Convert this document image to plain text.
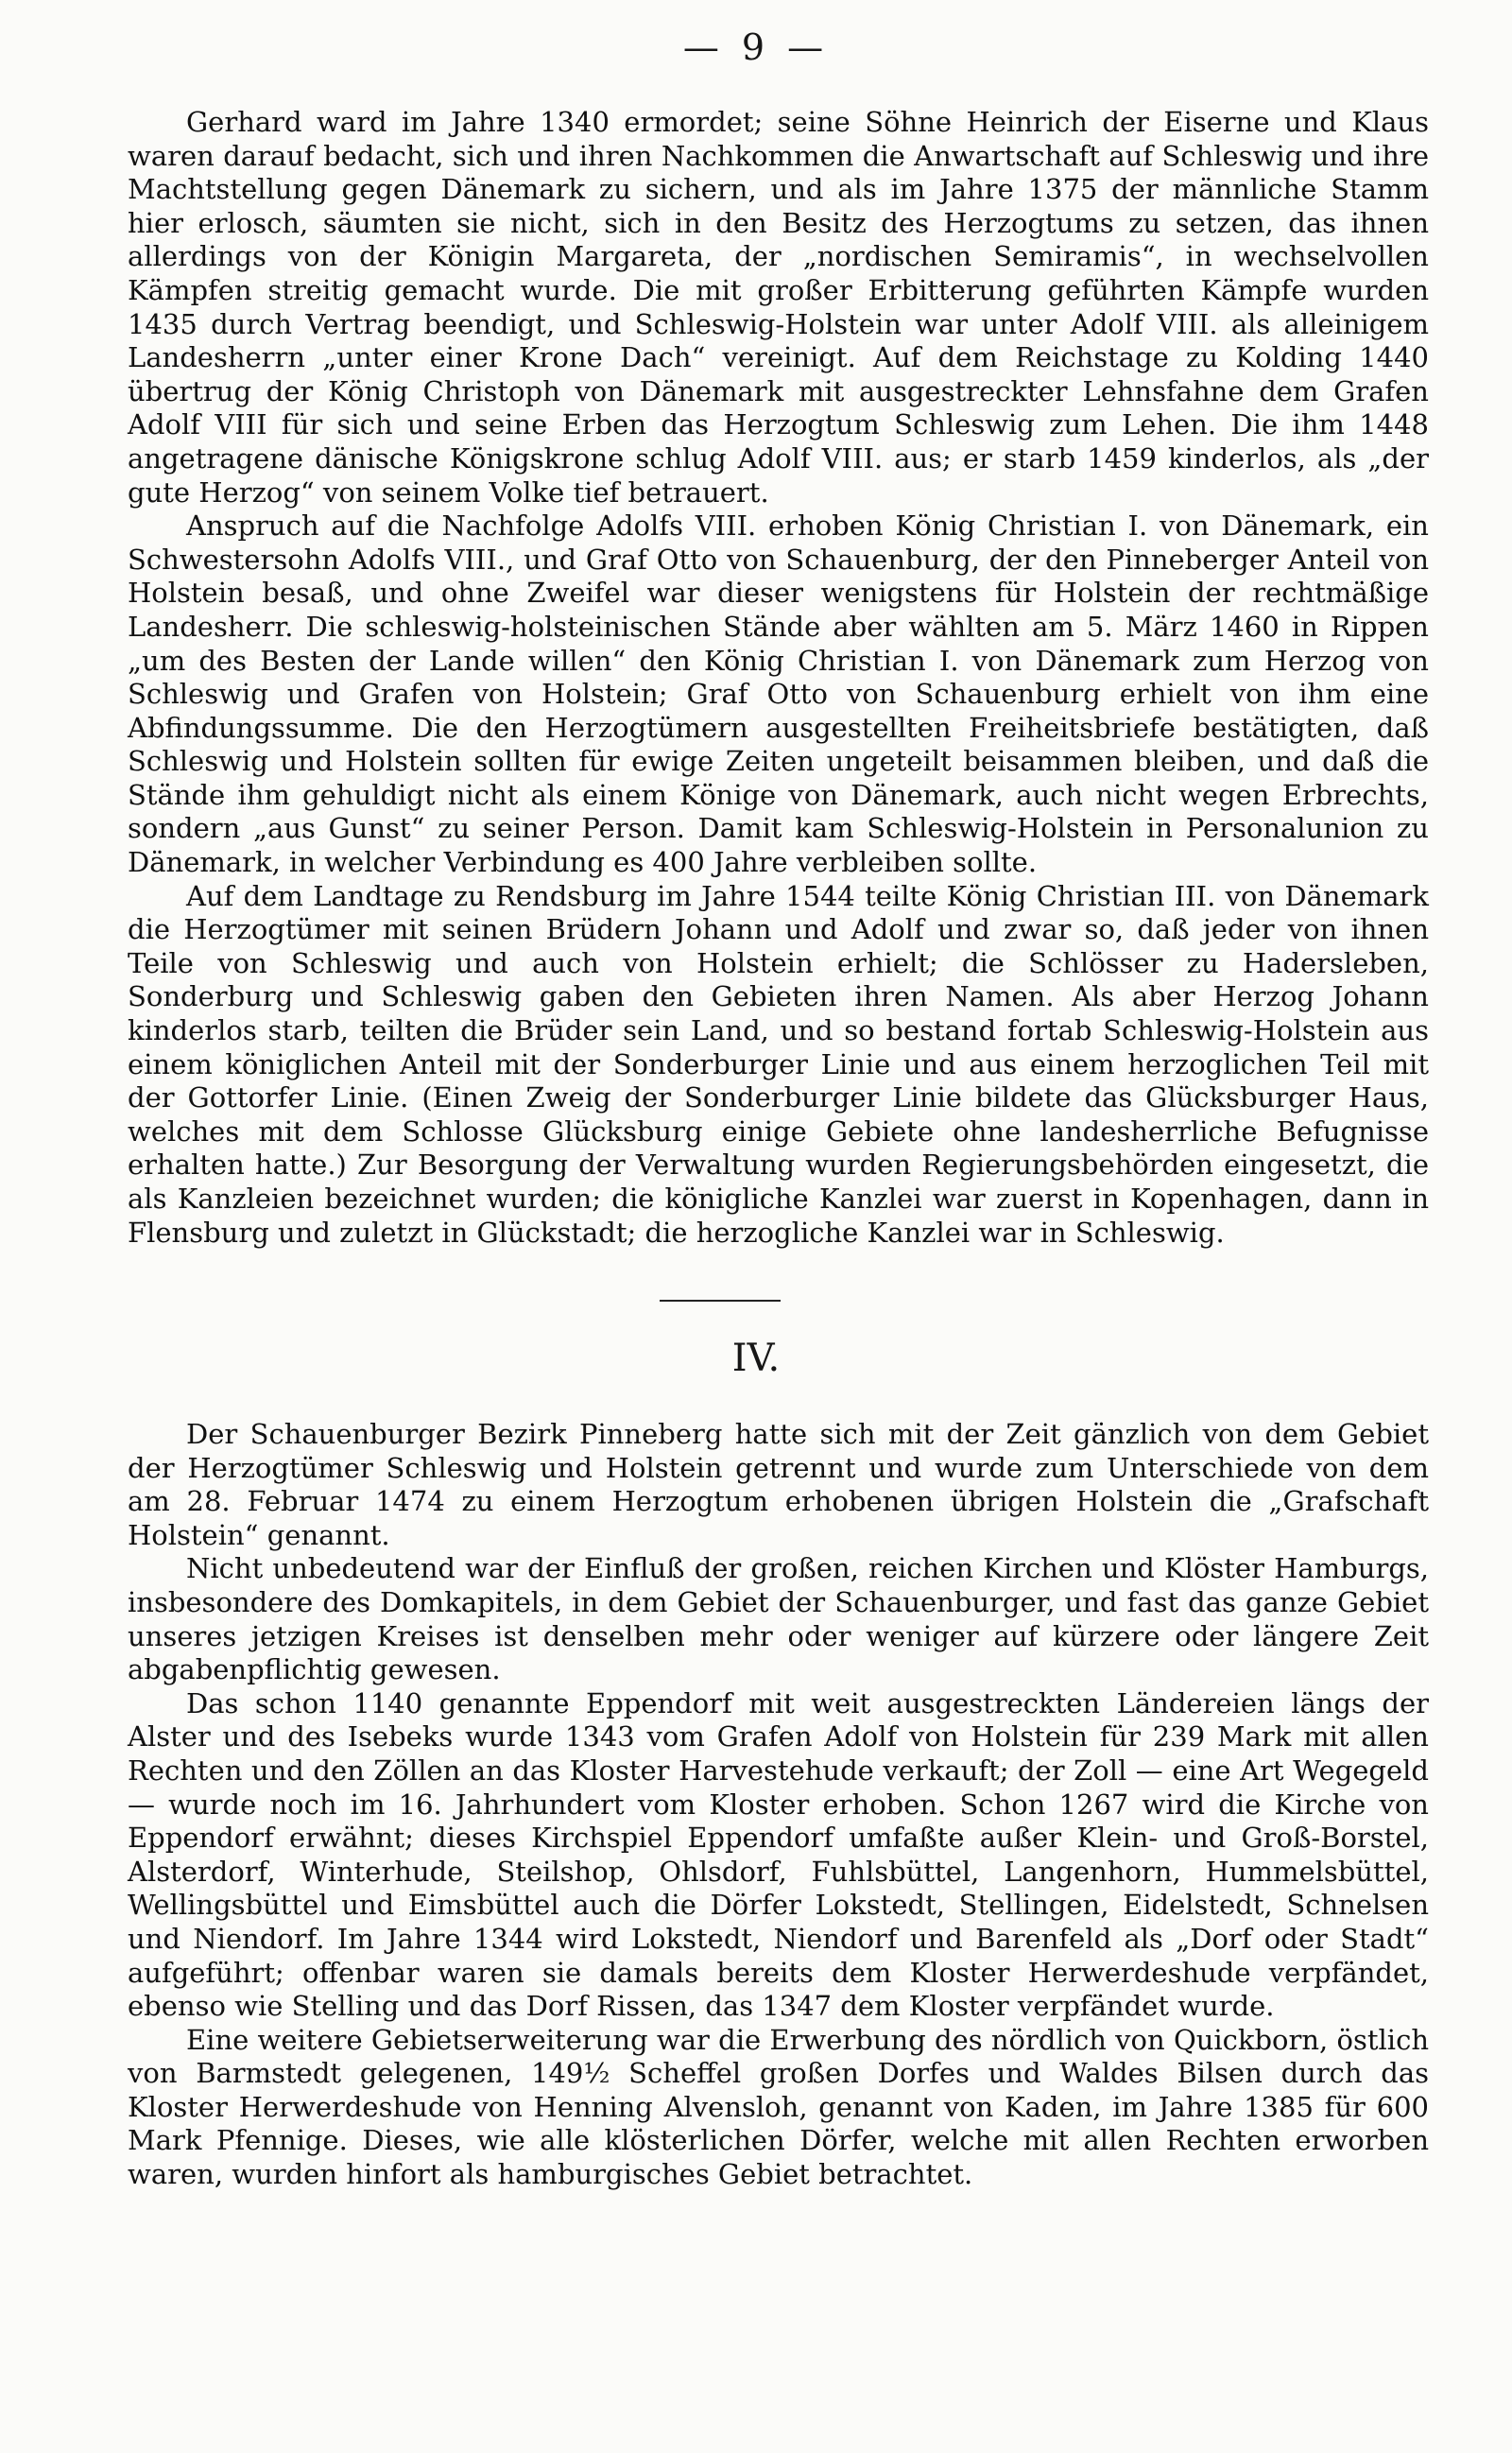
— 9 —

Gerhard ward im Jahre 1340 ermordet; seine Söhne Heinrich der Eiserne und Klaus waren darauf bedacht, sich und ihren Nachkommen die Anwartschaft auf Schleswig und ihre Machtstellung gegen Dänemark zu sichern, und als im Jahre 1375 der männliche Stamm hier erlosch, säumten sie nicht, sich in den Besitz des Herzogtums zu setzen, das ihnen allerdings von der Königin Margareta, der „nordischen Semiramis“, in wechselvollen Kämpfen streitig gemacht wurde. Die mit großer Erbitterung geführten Kämpfe wurden 1435 durch Vertrag beendigt, und Schleswig-Holstein war unter Adolf VIII. als alleinigem Landesherrn „unter einer Krone Dach“ vereinigt. Auf dem Reichstage zu Kolding 1440 übertrug der König Christoph von Dänemark mit ausgestreckter Lehnsfahne dem Grafen Adolf VIII für sich und seine Erben das Herzogtum Schleswig zum Lehen. Die ihm 1448 angetragene dänische Königskrone schlug Adolf VIII. aus; er starb 1459 kinderlos, als „der gute Herzog“ von seinem Volke tief betrauert.

Anspruch auf die Nachfolge Adolfs VIII. erhoben König Christian I. von Dänemark, ein Schwestersohn Adolfs VIII., und Graf Otto von Schauenburg, der den Pinneberger Anteil von Holstein besaß, und ohne Zweifel war dieser wenigstens für Holstein der rechtmäßige Landesherr. Die schleswig-holsteinischen Stände aber wählten am 5. März 1460 in Rippen „um des Besten der Lande willen“ den König Christian I. von Dänemark zum Herzog von Schleswig und Grafen von Holstein; Graf Otto von Schauenburg erhielt von ihm eine Abfindungssumme. Die den Herzogtümern ausgestellten Freiheitsbriefe bestätigten, daß Schleswig und Holstein sollten für ewige Zeiten ungeteilt beisammen bleiben, und daß die Stände ihm gehuldigt nicht als einem Könige von Dänemark, auch nicht wegen Erbrechts, sondern „aus Gunst“ zu seiner Person. Damit kam Schleswig-Holstein in Personalunion zu Dänemark, in welcher Verbindung es 400 Jahre verbleiben sollte.

Auf dem Landtage zu Rendsburg im Jahre 1544 teilte König Christian III. von Dänemark die Herzogtümer mit seinen Brüdern Johann und Adolf und zwar so, daß jeder von ihnen Teile von Schleswig und auch von Holstein erhielt; die Schlösser zu Hadersleben, Sonderburg und Schleswig gaben den Gebieten ihren Namen. Als aber Herzog Johann kinderlos starb, teilten die Brüder sein Land, und so bestand fortab Schleswig-Holstein aus einem königlichen Anteil mit der Sonderburger Linie und aus einem herzoglichen Teil mit der Gottorfer Linie. (Einen Zweig der Sonderburger Linie bildete das Glücksburger Haus, welches mit dem Schlosse Glücksburg einige Gebiete ohne landesherrliche Befugnisse erhalten hatte.) Zur Besorgung der Verwaltung wurden Regierungsbehörden eingesetzt, die als Kanzleien bezeichnet wurden; die königliche Kanzlei war zuerst in Kopenhagen, dann in Flensburg und zuletzt in Glückstadt; die herzogliche Kanzlei war in Schleswig.

IV.

Der Schauenburger Bezirk Pinneberg hatte sich mit der Zeit gänzlich von dem Gebiet der Herzogtümer Schleswig und Holstein getrennt und wurde zum Unterschiede von dem am 28. Februar 1474 zu einem Herzogtum erhobenen übrigen Holstein die „Grafschaft Holstein“ genannt.

Nicht unbedeutend war der Einfluß der großen, reichen Kirchen und Klöster Hamburgs, insbesondere des Domkapitels, in dem Gebiet der Schauenburger, und fast das ganze Gebiet unseres jetzigen Kreises ist denselben mehr oder weniger auf kürzere oder längere Zeit abgabenpflichtig gewesen.

Das schon 1140 genannte Eppendorf mit weit ausgestreckten Ländereien längs der Alster und des Isebeks wurde 1343 vom Grafen Adolf von Holstein für 239 Mark mit allen Rechten und den Zöllen an das Kloster Harvestehude verkauft; der Zoll — eine Art Wegegeld — wurde noch im 16. Jahrhundert vom Kloster erhoben. Schon 1267 wird die Kirche von Eppendorf erwähnt; dieses Kirchspiel Eppendorf umfaßte außer Klein- und Groß-Borstel, Alsterdorf, Winterhude, Steilshop, Ohlsdorf, Fuhlsbüttel, Langenhorn, Hummelsbüttel, Wellingsbüttel und Eimsbüttel auch die Dörfer Lokstedt, Stellingen, Eidelstedt, Schnelsen und Niendorf. Im Jahre 1344 wird Lokstedt, Niendorf und Barenfeld als „Dorf oder Stadt“ aufgeführt; offenbar waren sie damals bereits dem Kloster Herwerdeshude verpfändet, ebenso wie Stelling und das Dorf Rissen, das 1347 dem Kloster verpfändet wurde.

Eine weitere Gebietserweiterung war die Erwerbung des nördlich von Quickborn, östlich von Barmstedt gelegenen, 149½ Scheffel großen Dorfes und Waldes Bilsen durch das Kloster Herwerdeshude von Henning Alvensloh, genannt von Kaden, im Jahre 1385 für 600 Mark Pfennige. Dieses, wie alle klösterlichen Dörfer, welche mit allen Rechten erworben waren, wurden hinfort als hamburgisches Gebiet betrachtet.
